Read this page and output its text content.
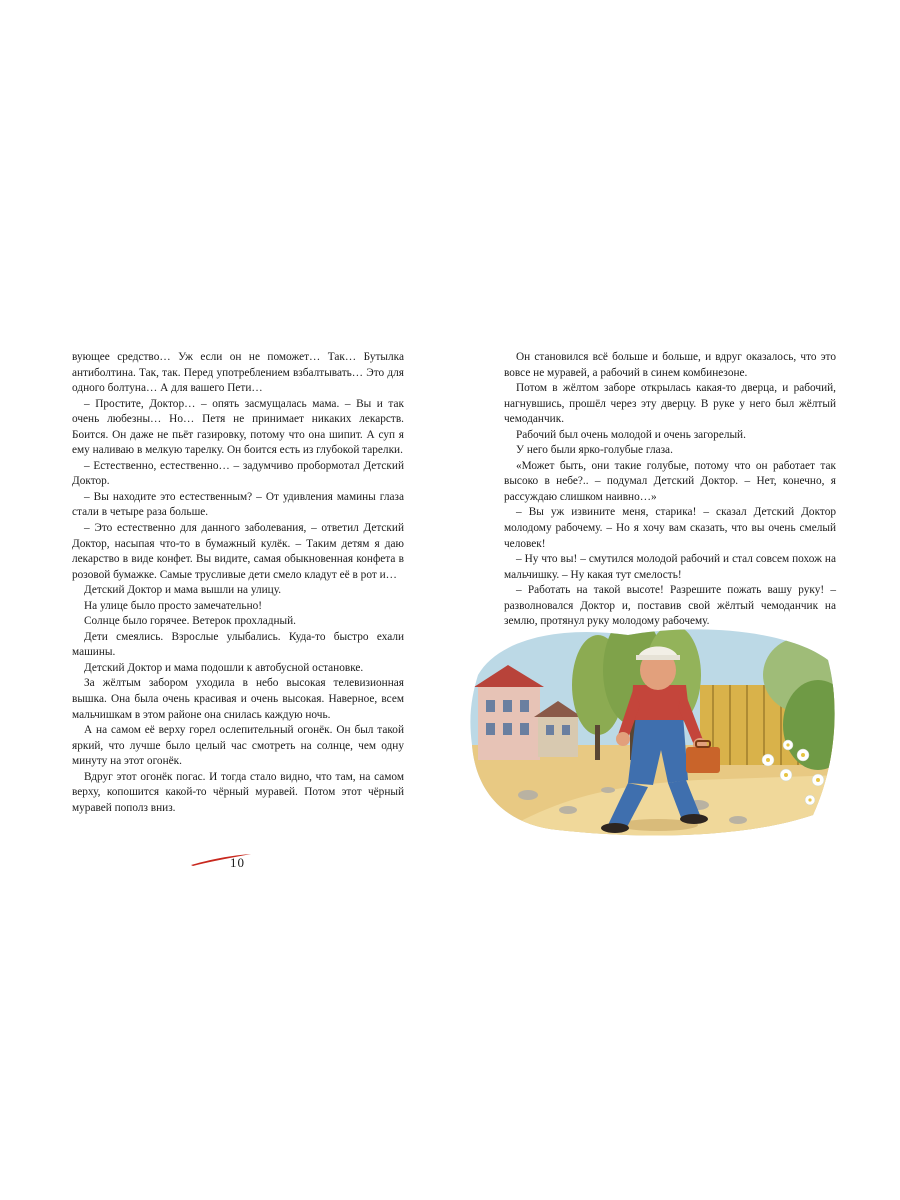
вующее средство… Уж если он не поможет… Так… Бутылка антиболтина. Так, так. Перед употреблением взбалтывать… Это для одного болтуна… А для вашего Пети…

– Простите, Доктор… – опять засмущалась мама. – Вы и так очень любезны… Но… Петя не принимает никаких лекарств. Боится. Он даже не пьёт газировку, потому что она шипит. А суп я ему наливаю в мелкую тарелку. Он боится есть из глубокой тарелки.

– Естественно, естественно… – задумчиво пробормотал Детский Доктор.

– Вы находите это естественным? – От удивления мамины глаза стали в четыре раза больше.

– Это естественно для данного заболевания, – ответил Детский Доктор, насыпая что-то в бумажный кулёк. – Таким детям я даю лекарство в виде конфет. Вы видите, самая обыкновенная конфета в розовой бумажке. Самые трусливые дети смело кладут её в рот и…

Детский Доктор и мама вышли на улицу.

На улице было просто замечательно!

Солнце было горячее. Ветерок прохладный.

Дети смеялись. Взрослые улыбались. Куда-то быстро ехали машины.

Детский Доктор и мама подошли к автобусной остановке.

За жёлтым забором уходила в небо высокая телевизионная вышка. Она была очень красивая и очень высокая. Наверное, всем мальчишкам в этом районе она снилась каждую ночь.

А на самом её верху горел ослепительный огонёк. Он был такой яркий, что лучше было целый час смотреть на солнце, чем одну минуту на этот огонёк.

Вдруг этот огонёк погас. И тогда стало видно, что там, на самом верху, копошится какой-то чёрный муравей. Потом этот чёрный муравей пополз вниз.

10

Он становился всё больше и больше, и вдруг оказалось, что это вовсе не муравей, а рабочий в синем комбинезоне.

Потом в жёлтом заборе открылась какая-то дверца, и рабочий, нагнувшись, прошёл через эту дверцу. В руке у него был жёлтый чемоданчик.

Рабочий был очень молодой и очень загорелый.

У него были ярко-голубые глаза.

«Может быть, они такие голубые, потому что он работает так высоко в небе?.. – подумал Детский Доктор. – Нет, конечно, я рассуждаю слишком наивно…»

– Вы уж извините меня, старика! – сказал Детский Доктор молодому рабочему. – Но я хочу вам сказать, что вы очень смелый человек!

– Ну что вы! – смутился молодой рабочий и стал совсем похож на мальчишку. – Ну какая тут смелость!

– Работать на такой высоте! Разрешите пожать вашу руку! – разволновался Доктор и, поставив свой жёлтый чемоданчик на землю, протянул руку молодому рабочему.
